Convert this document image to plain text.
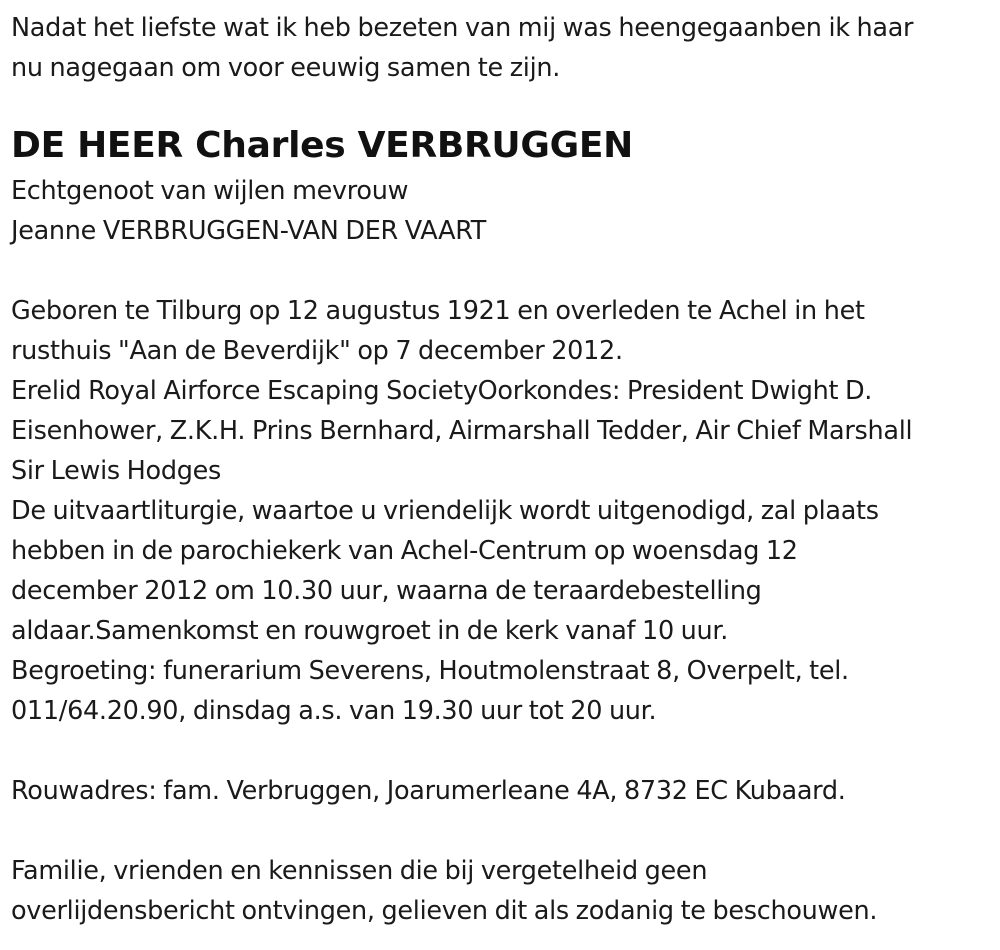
Nadat het liefste wat ik heb bezeten van mij was heengegaanben ik haar
nu nagegaan om voor eeuwig samen te zijn.
DE HEER Charles VERBRUGGEN
Echtgenoot van wijlen mevrouw
Jeanne VERBRUGGEN-VAN DER VAART
Geboren te Tilburg op 12 augustus 1921 en overleden te Achel in het
rusthuis "Aan de Beverdijk" op 7 december 2012.
Erelid Royal Airforce Escaping SocietyOorkondes: President Dwight D.
Eisenhower, Z.K.H. Prins Bernhard, Airmarshall Tedder, Air Chief Marshall
Sir Lewis Hodges
De uitvaartliturgie, waartoe u vriendelijk wordt uitgenodigd, zal plaats
hebben in de parochiekerk van Achel-Centrum op woensdag 12
december 2012 om 10.30 uur, waarna de teraardebestelling
aldaar.Samenkomst en rouwgroet in de kerk vanaf 10 uur.
Begroeting: funerarium Severens, Houtmolenstraat 8, Overpelt, tel.
011/64.20.90, dinsdag a.s. van 19.30 uur tot 20 uur.
Rouwadres: fam. Verbruggen, Joarumerleane 4A, 8732 EC Kubaard.
Familie, vrienden en kennissen die bij vergetelheid geen
overlijdensbericht ontvingen, gelieven dit als zodanig te beschouwen.
